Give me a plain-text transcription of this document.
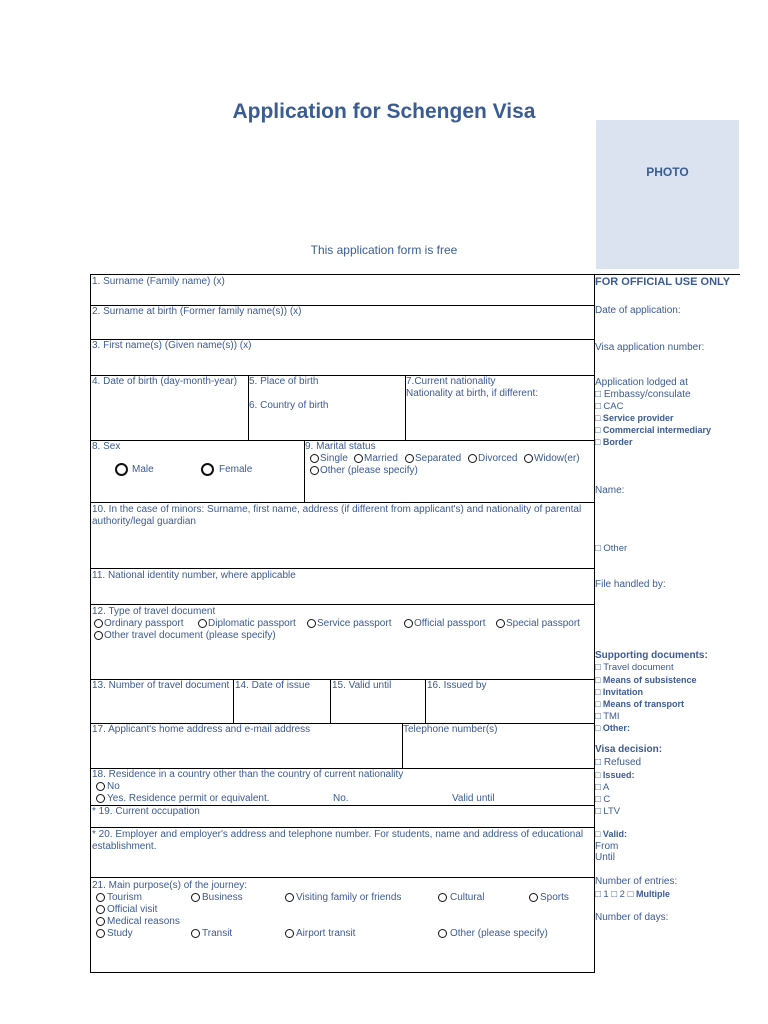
Application for Schengen Visa
PHOTO
This application form is free
1. Surname (Family name) (x)
2. Surname at birth (Former family name(s)) (x)
3. First name(s) (Given name(s)) (x)
4. Date of birth (day-month-year) 5. Place of birth
6. Country of birth
7.Current nationality
Nationality at birth, if different:
8. Sex
Male	Female
9. Marital status
Single Married Separated Divorced Widow(er)
Other (please specify)
10. In the case of minors: Surname, first name, address (if different from applicant's) and nationality of parental authority/legal guardian
11. National identity number, where applicable
12. Type of travel document
Ordinary passport Diplomatic passport Service passport Official passport Special passport
Other travel document (please specify)
13. Number of travel document 14. Date of issue 15. Valid until	16. Issued by
17. Applicant's home address and e-mail address	Telephone number(s)
18. Residence in a country other than the country of current nationality
No
Yes. Residence permit or equivalent.	No.	Valid until
* 19. Current occupation
* 20. Employer and employer's address and telephone number. For students, name and address of educational establishment.
21. Main purpose(s) of the journey:
Tourism	Business	Visiting family or friends	Cultural	Sports
Official visit
Medical reasons
Study	Transit	Airport transit	Other (please specify)
FOR OFFICIAL USE ONLY
Date of application:
Visa application number:
Application lodged at
□ Embassy/consulate
□ CAC
□ Service provider
□ Commercial intermediary
□ Border
Name:
□ Other
File handled by:
Supporting documents:
□ Travel document
□ Means of subsistence
□ Invitation
□ Means of transport
□ TMI
□ Other:
Visa decision:
□ Refused
□ Issued:
□ A
□ C
□ LTV
□ Valid:
From
Until
Number of entries:
□ 1 □ 2 □ Multiple
Number of days:
